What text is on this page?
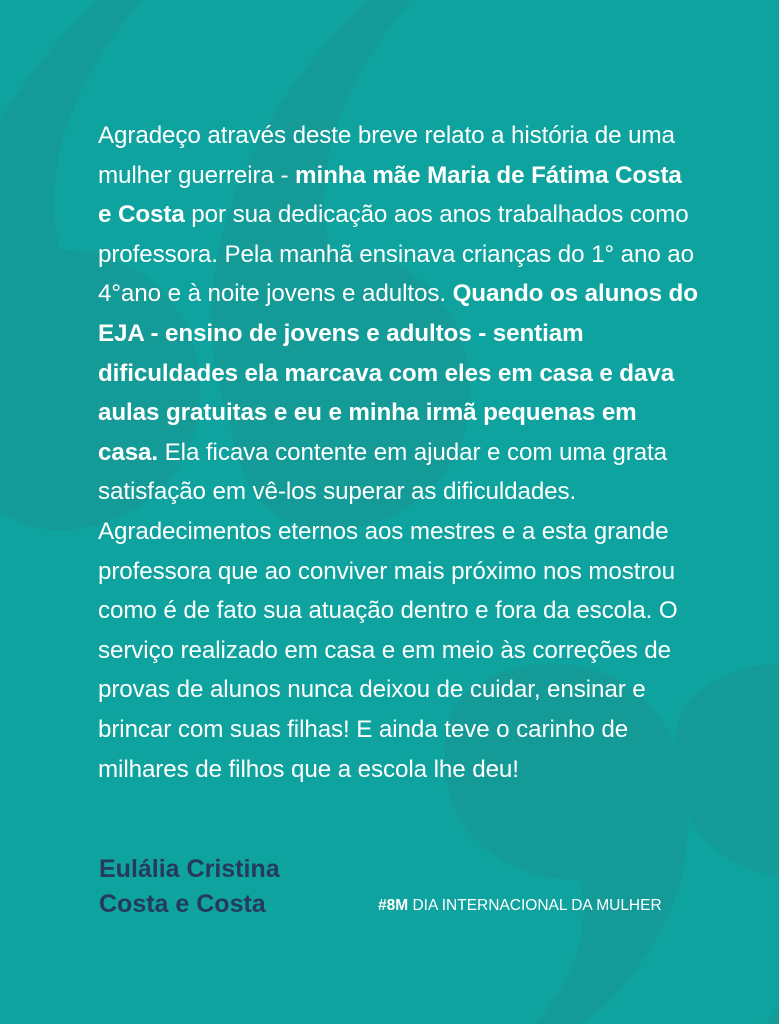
Agradeço através deste breve relato a história de uma mulher guerreira - minha mãe Maria de Fátima Costa e Costa por sua dedicação aos anos trabalhados como professora. Pela manhã ensinava crianças do 1° ano ao 4°ano e à noite jovens e adultos. Quando os alunos do EJA - ensino de jovens e adultos - sentiam dificuldades ela marcava com eles em casa e dava aulas gratuitas e eu e minha irmã pequenas em casa. Ela ficava contente em ajudar e com uma grata satisfação em vê-los superar as dificuldades. Agradecimentos eternos aos mestres e a esta grande professora que ao conviver mais próximo nos mostrou como é de fato sua atuação dentro e fora da escola. O serviço realizado em casa e em meio às correções de provas de alunos nunca deixou de cuidar, ensinar e brincar com suas filhas! E ainda teve o carinho de milhares de filhos que a escola lhe deu!
Eulália Cristina
Costa e Costa	#8M DIA INTERNACIONAL DA MULHER
